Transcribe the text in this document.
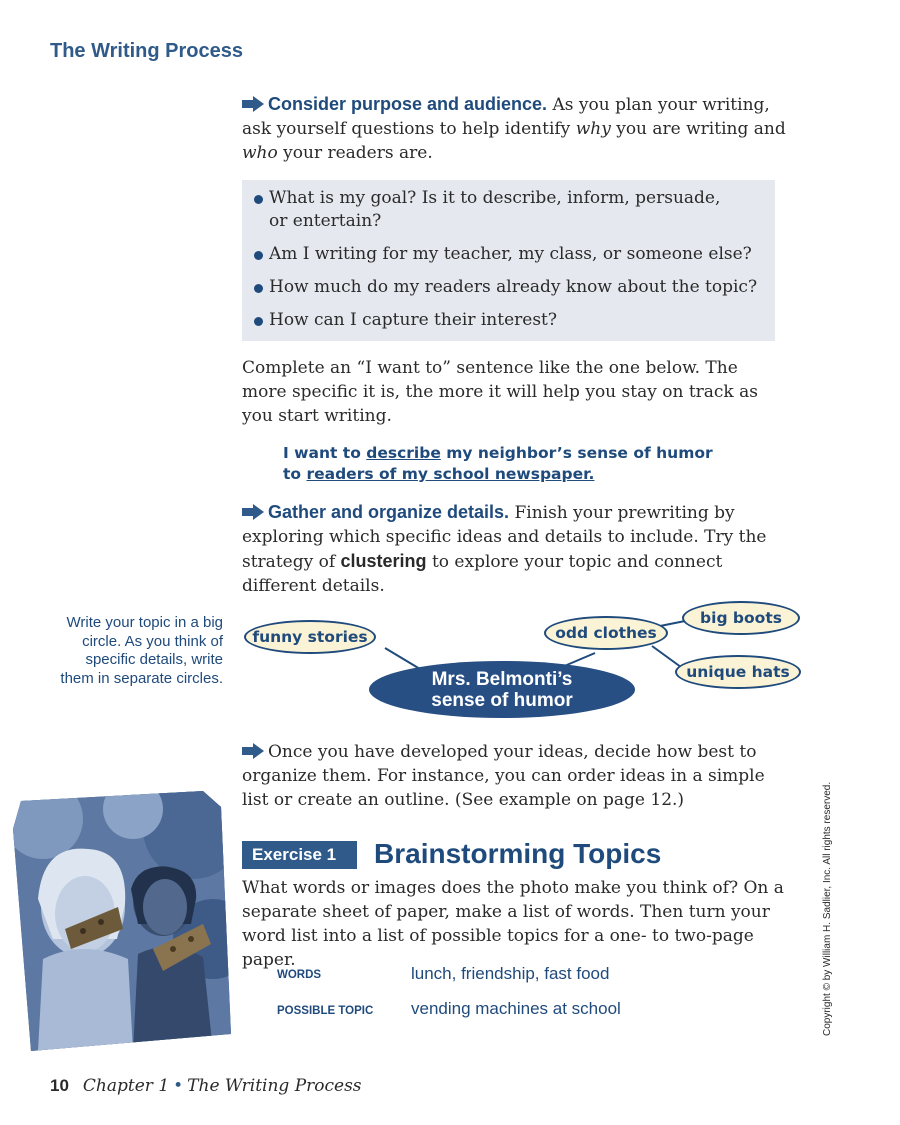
The Writing Process
Consider purpose and audience. As you plan your writing, ask yourself questions to help identify why you are writing and who your readers are.
What is my goal? Is it to describe, inform, persuade, or entertain?
Am I writing for my teacher, my class, or someone else?
How much do my readers already know about the topic?
How can I capture their interest?
Complete an “I want to” sentence like the one below. The more specific it is, the more it will help you stay on track as you start writing.
I want to describe my neighbor’s sense of humor
to readers of my school newspaper.
Gather and organize details. Finish your prewriting by exploring which specific ideas and details to include. Try the strategy of clustering to explore your topic and connect different details.
Write your topic in a big circle. As you think of specific details, write them in separate circles.
funny stories	odd clothes
big boots
unique hats
Mrs. Belmonti’s
sense of humor
Once you have developed your ideas, decide how best to organize them. For instance, you can order ideas in a simple list or create an outline. (See example on page 12.)
Exercise 1	Brainstorming Topics
What words or images does the photo make you think of? On a separate sheet of paper, make a list of words. Then turn your word list into a list of possible topics for a one- to two-page paper.
WORDS	lunch, friendship, fast food
POSSIBLE TOPIC vending machines at school	Copyright © by William H. Sadlier, Inc. All rights reserved.
10 Chapter 1 • The Writing Process
